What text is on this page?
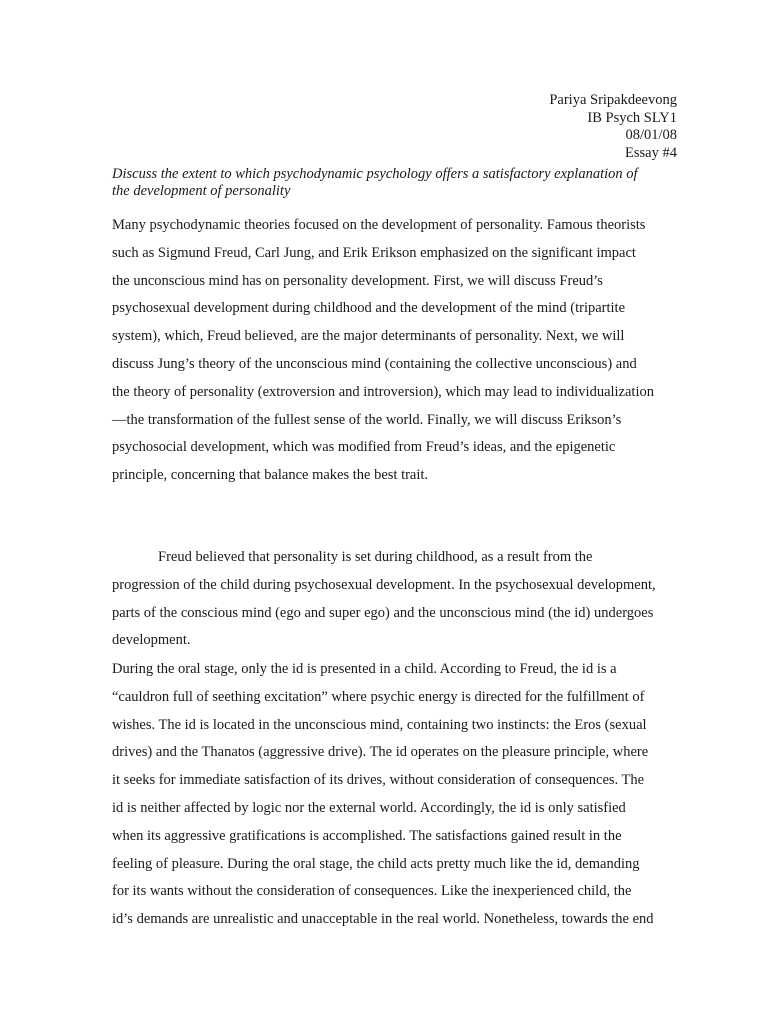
Pariya Sripakdeevong
IB Psych SLY1
08/01/08
Essay #4
Discuss the extent to which psychodynamic psychology offers a satisfactory explanation of
the development of personality
Many psychodynamic theories focused on the development of personality. Famous theorists
such as Sigmund Freud, Carl Jung, and Erik Erikson emphasized on the significant impact
the unconscious mind has on personality development. First, we will discuss Freud’s
psychosexual development during childhood and the development of the mind (tripartite
system), which, Freud believed, are the major determinants of personality. Next, we will
discuss Jung’s theory of the unconscious mind (containing the collective unconscious) and
the theory of personality (extroversion and introversion), which may lead to individualization
—the transformation of the fullest sense of the world. Finally, we will discuss Erikson’s
psychosocial development, which was modified from Freud’s ideas, and the epigenetic
principle, concerning that balance makes the best trait.
Freud believed that personality is set during childhood, as a result from the
progression of the child during psychosexual development. In the psychosexual development,
parts of the conscious mind (ego and super ego) and the unconscious mind (the id) undergoes
development.
During the oral stage, only the id is presented in a child. According to Freud, the id is a
“cauldron full of seething excitation” where psychic energy is directed for the fulfillment of
wishes. The id is located in the unconscious mind, containing two instincts: the Eros (sexual
drives) and the Thanatos (aggressive drive). The id operates on the pleasure principle, where
it seeks for immediate satisfaction of its drives, without consideration of consequences. The
id is neither affected by logic nor the external world. Accordingly, the id is only satisfied
when its aggressive gratifications is accomplished. The satisfactions gained result in the
feeling of pleasure. During the oral stage, the child acts pretty much like the id, demanding
for its wants without the consideration of consequences. Like the inexperienced child, the
id’s demands are unrealistic and unacceptable in the real world. Nonetheless, towards the end
